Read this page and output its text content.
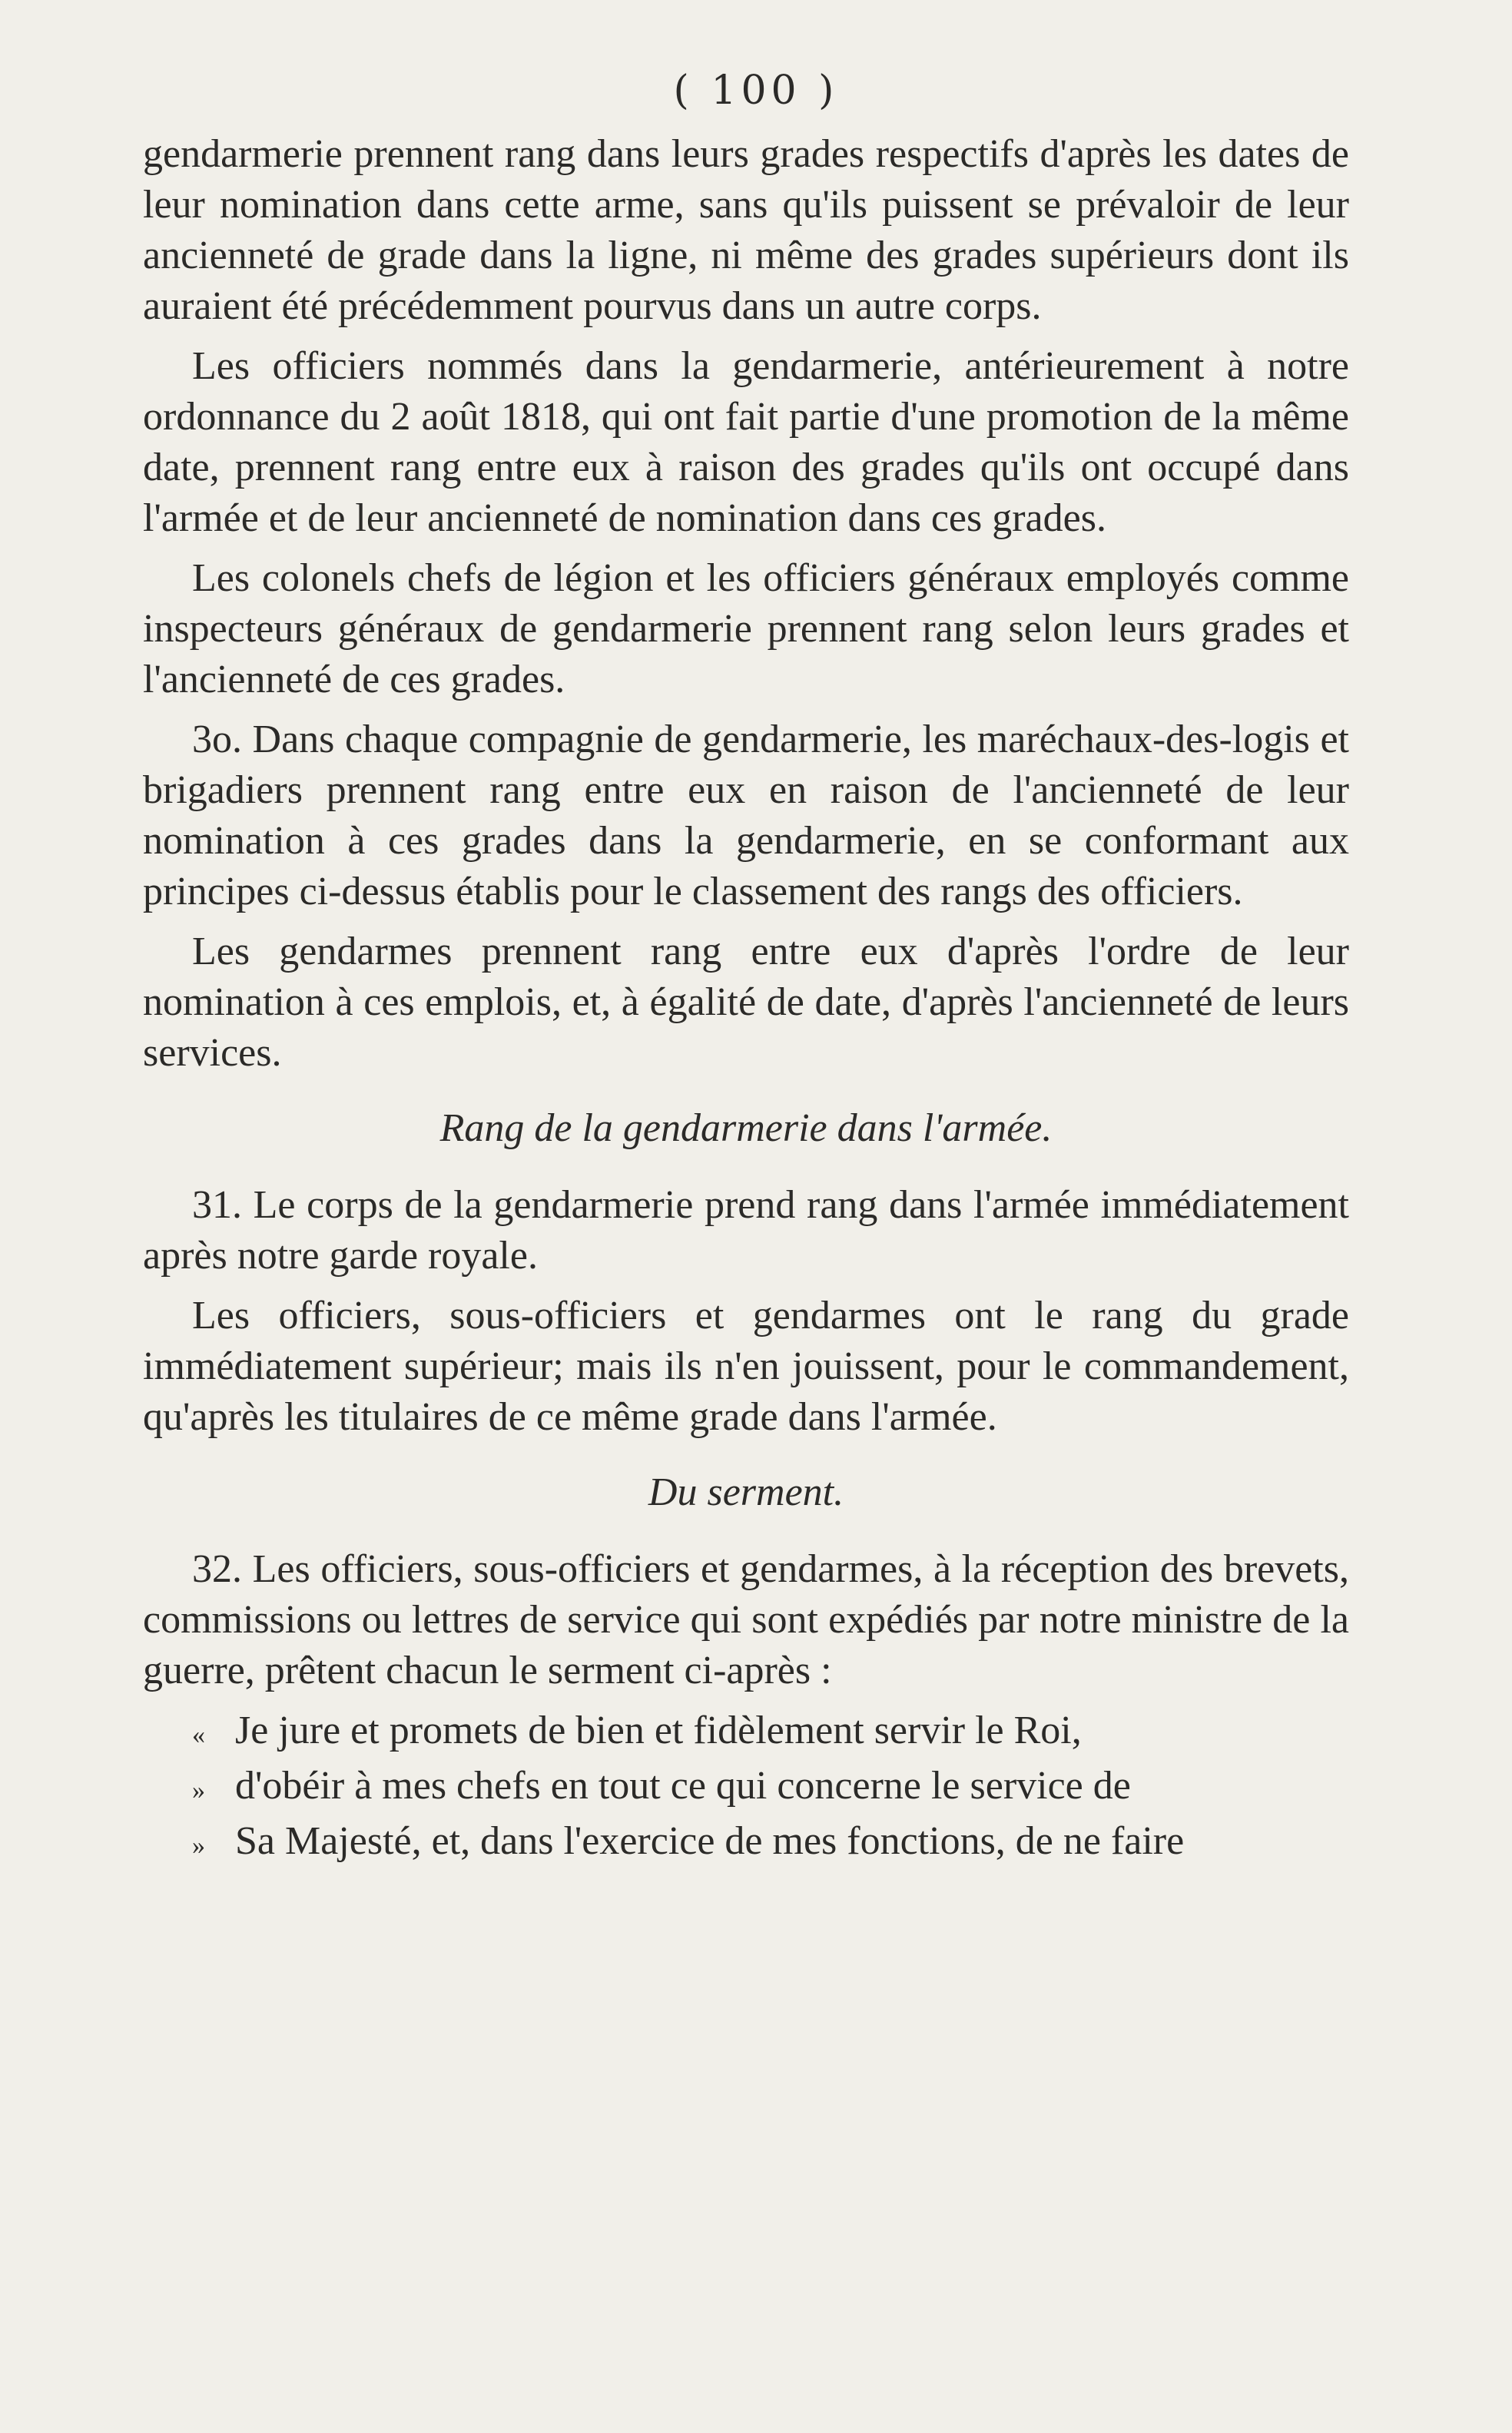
( 100 )

gendarmerie prennent rang dans leurs grades respectifs d'après les dates de leur nomination dans cette arme, sans qu'ils puissent se prévaloir de leur ancienneté de grade dans la ligne, ni même des grades supérieurs dont ils auraient été précédemment pourvus dans un autre corps.

Les officiers nommés dans la gendarmerie, antérieurement à notre ordonnance du 2 août 1818, qui ont fait partie d'une promotion de la même date, prennent rang entre eux à raison des grades qu'ils ont occupé dans l'armée et de leur ancienneté de nomination dans ces grades.

Les colonels chefs de légion et les officiers généraux employés comme inspecteurs généraux de gendarmerie prennent rang selon leurs grades et l'ancienneté de ces grades.

3o. Dans chaque compagnie de gendarmerie, les maréchaux-des-logis et brigadiers prennent rang entre eux en raison de l'ancienneté de leur nomination à ces grades dans la gendarmerie, en se conformant aux principes ci-dessus établis pour le classement des rangs des officiers.

Les gendarmes prennent rang entre eux d'après l'ordre de leur nomination à ces emplois, et, à égalité de date, d'après l'ancienneté de leurs services.

Rang de la gendarmerie dans l'armée.

31. Le corps de la gendarmerie prend rang dans l'armée immédiatement après notre garde royale.

Les officiers, sous-officiers et gendarmes ont le rang du grade immédiatement supérieur; mais ils n'en jouissent, pour le commandement, qu'après les titulaires de ce même grade dans l'armée.

Du serment.

32. Les officiers, sous-officiers et gendarmes, à la réception des brevets, commissions ou lettres de service qui sont expédiés par notre ministre de la guerre, prêtent chacun le serment ci-après :

« Je jure et promets de bien et fidèlement servir le Roi,

» d'obéir à mes chefs en tout ce qui concerne le service de

» Sa Majesté, et, dans l'exercice de mes fonctions, de ne faire
